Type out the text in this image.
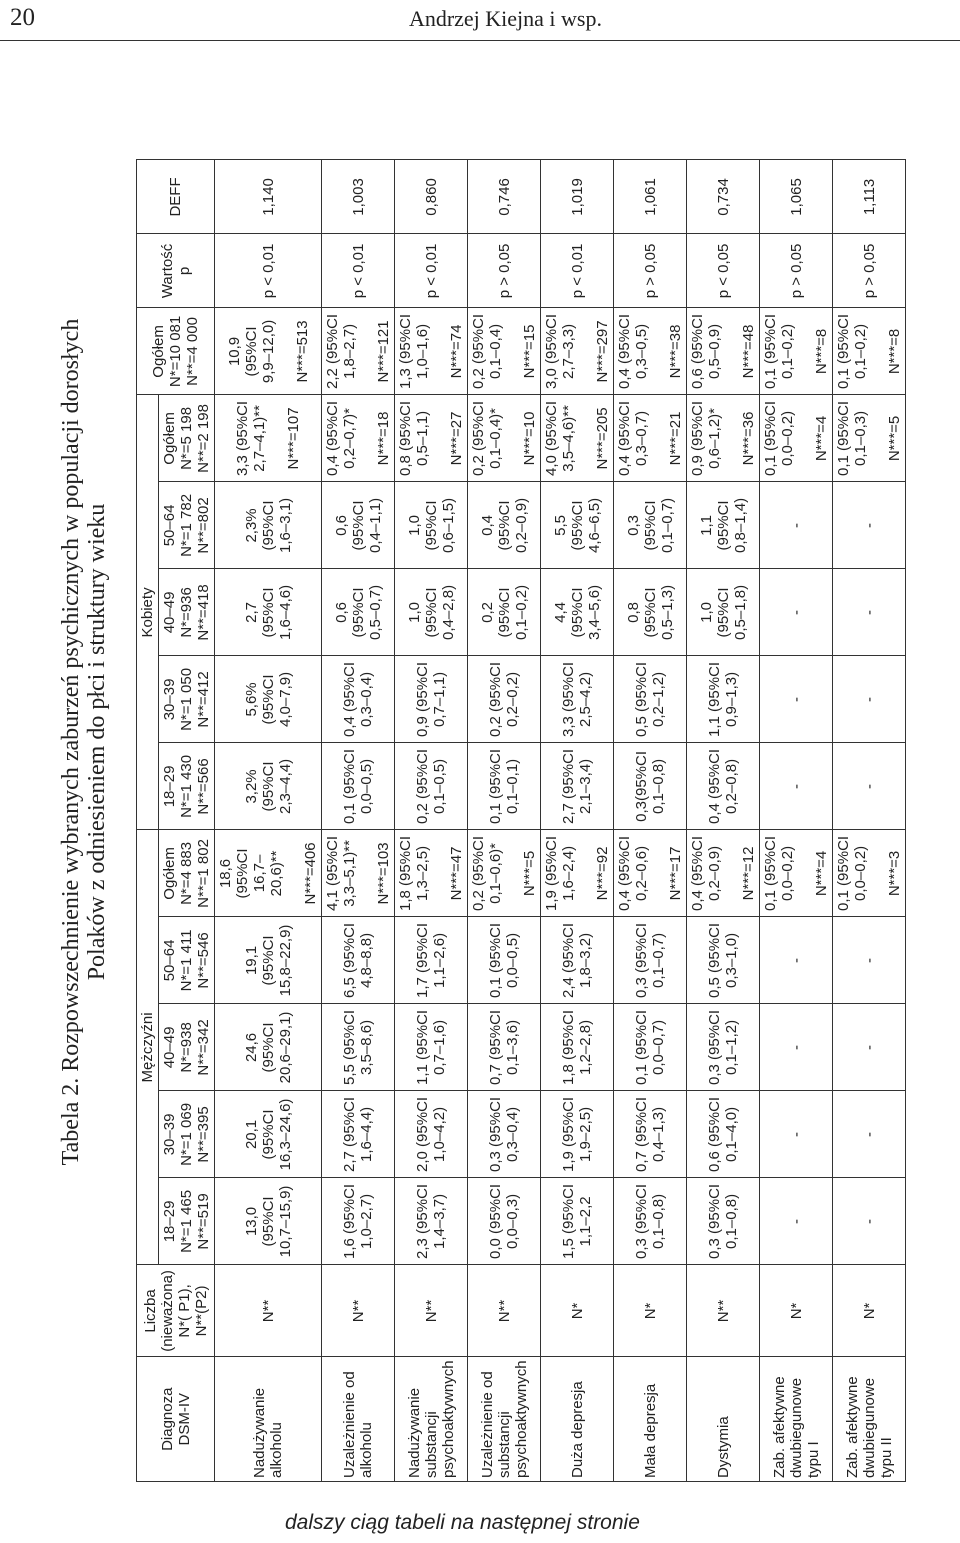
20	Andrzej Kiejna i wsp.
Tabela 2. Rozpowszechnienie wybranych zaburzeń psychicznych w populacji dorosłych Polaków z odniesieniem do płci i struktury wieku
Diagnoza
DSM-IV	Liczba
(nieważona)
N*( P1),
N**(P2)	Mężczyźni					Kobiety					Ogółem
N*=10 081
N**=4 000	Wartość
p	DEFF
		18–29
N*=1 465
N**=519	30–39
N*=1 069
N**=395	40–49
N*=938
N**=342	50–64
N*=1 411
N**=546	Ogółem
N*=4 883
N**=1 802	18–29
N*=1 430
N**=566	30–39
N*=1 050
N**=412	40–49
N*=936
N**=418	50–64
N*=1 782
N**=802	Ogółem
N*=5 198
N**=2 198			
Nadużywanie
alkoholu	N**	13,0 (95%CI
10,7–15,9)	20,1 (95%CI
16,3–24,6)	24,6 (95%CI
20,6–29,1)	19,1 (95%CI
15,8–22,9)	18,6 (95%CI
16,7–20,6)**

N***=406	3,2%
(95%CI
2,3–4,4)	5,6%
(95%CI
4,0–7,9)	2,7
(95%CI
1,6–4,6)	2,3%
(95%CI
1,6–3,1)	3,3 (95%CI
2,7–4,1)**

N***=107	10,9 (95%CI
9,9–12,0)

N***=513	p < 0,01	1,140
Uzależnienie od
alkoholu	N**	1,6 (95%CI
1,0–2,7)	2,7 (95%CI
1,6–4,4)	5,5 (95%CI
3,5–8,6)	6,5 (95%CI
4,8–8,8)	4,1 (95%CI
3,3–5,1)**

N***=103	0,1 (95%CI
0,0–0,5)	0,4 (95%CI
0,3–0,4)	0,6
(95%CI
0,5–0,7)	0,6
(95%CI
0,4–1,1)	0,4 (95%CI
0,2–0,7)*

N***=18	2,2 (95%CI
1,8–2,7)

N***=121	p < 0,01	1,003
Nadużywanie
substancji
psychoaktywnych	N**	2,3 (95%CI
1,4–3,7)	2,0 (95%CI
1,0–4,2)	1,1 (95%CI
0,7–1,6)	1,7 (95%CI
1,1–2,6)	1,8 (95%CI
1,3–2,5)

N***=47	0,2 (95%CI
0,1–0,5)	0,9 (95%CI
0,7–1,1)	1,0
(95%CI
0,4–2,8)	1,0
(95%CI
0,6–1,5)	0,8 (95%CI
0,5–1,1)

N***=27	1,3 (95%CI
1,0–1,6)

N***=74	p < 0,01	0,860
Uzależnienie od
substancji
psychoaktywnych	N**	0,0 (95%CI
0,0–0,3)	0,3 (95%CI
0,3–0,4)	0,7 (95%CI
0,1–3,6)	0,1 (95%CI
0,0–0,5)	0,2 (95%CI
0,1–0,6)*

N***=5	0,1 (95%CI
0,1–0,1)	0,2 (95%CI
0,2–0,2)	0,2
(95%CI
0,1–0,2)	0,4
(95%CI
0,2–0,9)	0,2 (95%CI
0,1–0,4)*

N***=10	0,2 (95%CI
0,1–0,4)

N***=15	p > 0,05	0,746
Duża depresja	N*	1,5 (95%CI
1,1–2,2	1,9 (95%CI
1,9–2,5)	1,8 (95%CI
1,2–2,8)	2,4 (95%CI
1,8–3,2)	1,9 (95%CI
1,6–2,4)

N***=92	2,7 (95%CI
2,1–3,4)	3,3 (95%CI
2,5–4,2)	4,4
(95%CI
3,4–5,6)	5,5
(95%CI
4,6–6,5)	4,0 (95%CI
3,5–4,6)**

N***=205	3,0 (95%CI
2,7–3,3)

N***=297	p < 0,01	1,019
Mała depresja	N*	0,3 (95%CI
0,1–0,8)	0,7 (95%CI
0,4–1,3)	0,1 (95%CI
0,0–0,7)	0,3 (95%CI
0,1–0,7)	0,4 (95%CI
0,2–0,6)

N***=17	0,3(95%CI
0,1–0,8)	0,5 (95%CI
0,2–1,2)	0,8
(95%CI
0,5–1,3)	0,3
(95%CI
0,1–0,7)	0,4 (95%CI
0,3–0,7)

N***=21	0,4 (95%CI
0,3–0,5)

N***=38	p > 0,05	1,061
Dystymia	N**	0,3 (95%CI
0,1–0,8)	0,6 (95%CI
0,1–4,0)	0,3 (95%CI
0,1–1,2)	0,5 (95%CI
0,3–1,0)	0,4 (95%CI
0,2–0,9)

N***=12	0,4 (95%CI
0,2–0,8)	1,1 (95%CI
0,9–1,3)	1,0
(95%CI
0,5–1,8)	1,1
(95%CI
0,8–1,4)	0,9 (95%CI
0,6–1,2)*

N***=36	0,6 (95%CI
0,5–0,9)

N***=48	p < 0,05	0,734
Zab. afektywne
dwubiegunowe
typu I	N*	-	-	-	-	0,1 (95%CI
0,0–0,2)

N***=4	-	-	-	-	0,1 (95%CI
0,0–0,2)

N***=4	0,1 (95%CI
0,1–0,2)

N***=8	p > 0,05	1,065
Zab. afektywne
dwubiegunowe
typu II	N*	-	-	-	-	0,1 (95%CI
0,0–0,2)

N***=3	-	-	-	-	0,1 (95%CI
0,1–0,3)

N***=5	0,1 (95%CI
0,1–0,2)

N***=8	p > 0,05	1,113
dalszy ciąg tabeli na następnej stronie
